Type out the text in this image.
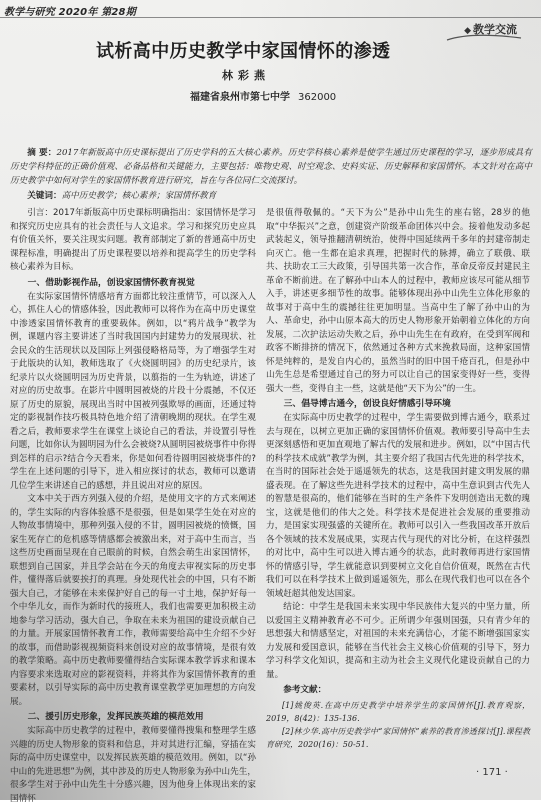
教学与研究 2020年 第28期
◆ 教学交流
试析高中历史教学中家国情怀的渗透
林彩燕
福建省泉州市第七中学 362000

摘 要：2017年新版高中历史课标提出了历史学科的五大核心素养。历史学科核心素养是使学生通过历史课程的学习，逐步形成具有历史学科特征的正确价值观、必备品格和关键能力，主要包括：唯物史观、时空观念、史料实证、历史解释和家国情怀。本文针对在高中历史教学中如何对学生的家国情怀教育进行研究，旨在与各位同仁交流探讨。

关键词：高中历史教学；核心素养；家国情怀教育

引言：2017年新版高中历史课标明确指出：家国情怀是学习和探究历史应具有的社会责任与人文追求。学习和探究历史应具有价值关怀，要关注现实问题。教育部制定了新的普通高中历史课程标准，明确提出了历史课程要以培养和提高学生的历史学科核心素养为目标。

一、借助影视作品，创设家国情怀教育视觉

在实际家国情怀情感培育方面都比较注重情节，可以深入人心，抓住人心的情感体验，因此教师可以将作为在高中历史课堂中渗透家国情怀教育的重要载体。例如，以“鸦片战争”教学为例，课题内容主要讲述了当时我国国内封建势力的发展现状、社会民众的生活现状以及国际上列强侵略格局等，为了增强学生对于此版块的认知，教师选取了《火烧圆明园》的历史纪录片，该纪录片以火烧圆明园为历史背景，以翦指的一生为轨迹，讲述了对应的历史故事。在影片中圆明园被烧的片段十分震撼，不仅还原了历史的原貌，展现出当时中国被列强欺辱的画面，还通过特定的影视制作技巧极具特色地介绍了清朝晚期的现状。在学生观看之后，教师要求学生在课堂上谈论自己的看法，并设置引导性问题，比如你认为圆明园为什么会被烧?从圆明园被烧事件中你得到怎样的启示?结合今天看来，你是如何看待圆明园被烧事件的?学生在上述问题的引导下，进入相应探讨的状态，教师可以邀请几位学生来讲述自己的感想，并且说出对应的原因。

文本中关于西方列强入侵的介绍，是使用文字的方式来阐述的，学生实际的内容体验感不是很强，但是如果学生处在对应的人物故事情境中，那种列强入侵的不甘，圆明园被烧的愤慨，国家生死存亡的危机感等情感都会被激出来，对于高中生而言，当这些历史画面呈现在自己眼前的时候，自然会萌生出家国情怀，联想到自己国家，并且学会站在今天的角度去审视实际的历史事件，懂得落后就要挨打的真理。身处现代社会的中国，只有不断强大自己，才能够在未来保护好自己的每一寸土地，保护好每一个中华儿女，而作为新时代的接班人，我们也需要更加积极主动地参与学习活动，强大自己，争取在未来为祖国的建设贡献自己的力量。开展家国情怀教育工作，教师需要给高中生介绍不少好的故事，而借助影视视频资料来创设对应的故事情境，是很有效的教学策略。高中历史教师要懂得结合实际课本教学诉求和课本内容要求来选取对应的影视资料，并将其作为家国情怀教育的重要素材，以引导实际的高中历史教育课堂教学更加理想的方向发展。

二、援引历史形象，发挥民族英雄的模范效用

实际高中历史教学的过程中，教师要懂得搜集和整理学生感兴趣的历史人物形象的资料和信息，并对其进行汇编，穿插在实际的高中历史课堂中，以发挥民族英雄的模范效用。例如，以“孙中山的先进思想”为例，其中涉及的历史人物形象为孙中山先生，很多学生对于孙中山先生十分感兴趣，因为他身上体现出来的家国情怀

是很值得敬佩的。“天下为公”是孙中山先生的座右铭，28岁的他取“中华振兴”之意，创建资产阶级革命团体兴中会。接着他发动多起武装起义，领导推翻清朝统治，使得中国延续两千多年的封建帝制走向灭亡。他一生都在追求真理，把握时代的脉搏，确立了联俄、联共、扶助农工三大政策，引导国共第一次合作，革命反帝反封建民主革命不断前进。在了解孙中山本人的过程中，教师应该尽可能从细节入手，讲述更多细节性的故事。能够体现出孙中山先生立体化形象的故事对于高中生的震撼往往更加明显。当高中生了解了孙中山的为人、革命史，孙中山原本高大的历史人物形象开始朝着立体化的方向发展，二次护法运动失败之后，孙中山先生在有政府，在受到军阀和政客不断排挤的情况下，依然通过各种方式来挽救局面，这种家国情怀是纯粹的，是发自内心的，虽然当时的旧中国千疮百孔，但是孙中山先生总是希望通过自己的努力可以让自己的国家变得好一些，变得强大一些，变得自主一些，这就是他“天下为公”的一生。

三、倡导博古通今，创设良好情感引导环境

在实际高中历史教学的过程中，学生需要做到博古通今，联系过去与现在，以树立更加正确的家国情怀价值观。教师要引导高中生去更深刻感悟和更加直观地了解古代的发展和进步。例如，以“中国古代的科学技术成就”教学为例，其主要介绍了我国古代先进的科学技术，在当时的国际社会处于遥遥领先的状态，这是我国封建文明发展的鼎盛表现。在了解这些先进科学技术的过程中，高中生意识到古代先人的智慧是很高的，他们能够在当时的生产条件下发明创造出无数的瑰宝，这就是他们的伟大之处。科学技术是促进社会发展的重要推动力，是国家实现强盛的关键所在。教师可以引入一些我国改革开放后各个领域的技术发展成果，实现古代与现代的对比分析，在这样强烈的对比中，高中生可以进入博古通今的状态，此时教师再进行家国情怀的情感引导，学生就能意识到要树立文化自信价值观，既然在古代我们可以在科学技术上做到遥遥领先，那么在现代我们也可以在各个领域赶超其他发达国家。

结论：中学生是我国未来实现中华民族伟大复兴的中坚力量，所以爱国主义精神教育必不可少。正所谓少年强则国强，只有青少年的思想强大和情感坚定，对祖国的未来充满信心，才能不断增强国家实力发展和爱国意识，能够在当代社会主义核心价值观的引导下，努力学习科学文化知识，提高和主动为社会主义现代化建设贡献自己的力量。

参考文献：

[1]姚俊英.在高中历史教学中培养学生的家国情怀[J].教育观察，2019，8(42)：135-136.

[2]林少华.高中历史教学中“家国情怀”素养的教育渗透探讨[J].课程教育研究，2020(16)：50-51.

· 171 ·
